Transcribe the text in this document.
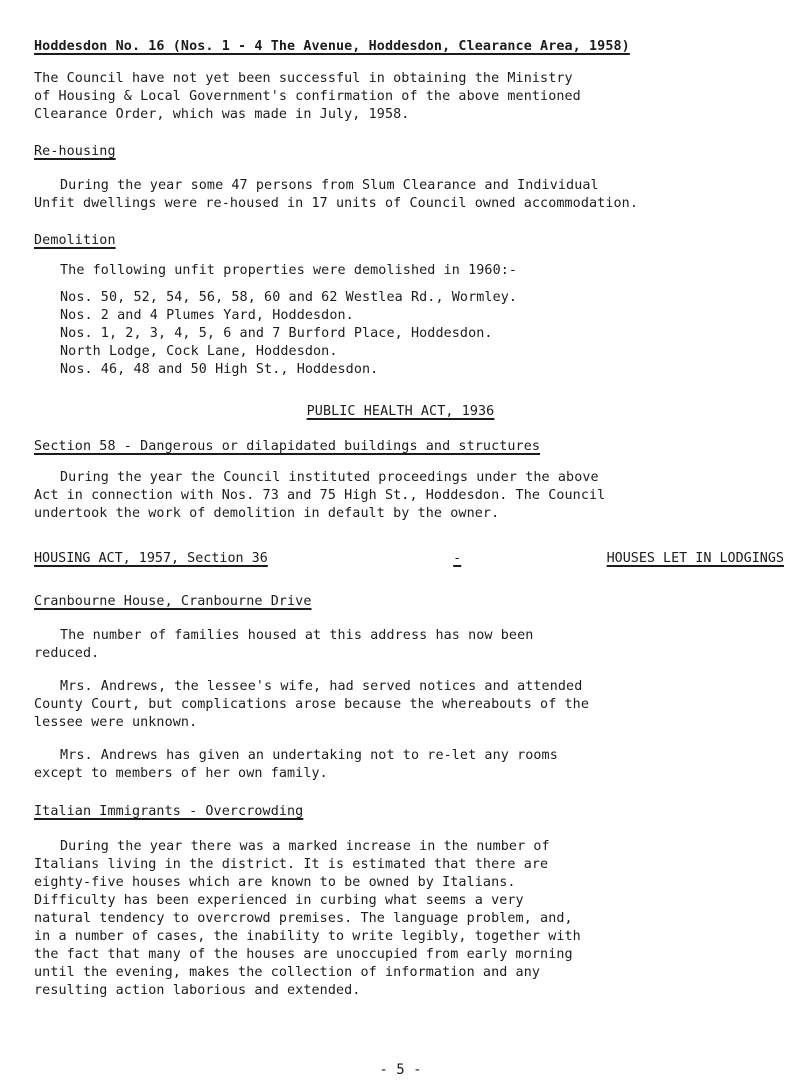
Hoddesdon No. 16 (Nos. 1 - 4 The Avenue, Hoddesdon, Clearance Area, 1958)

The Council have not yet been successful in obtaining the Ministry

of Housing & Local Government's confirmation of the above mentioned

Clearance Order, which was made in July, 1958.

Re-housing

During the year some 47 persons from Slum Clearance and Individual

Unfit dwellings were re-housed in 17 units of Council owned accommodation.

Demolition

The following unfit properties were demolished in 1960:-

Nos. 50, 52, 54, 56, 58, 60 and 62 Westlea Rd., Wormley.

Nos. 2 and 4 Plumes Yard, Hoddesdon.

Nos. 1, 2, 3, 4, 5, 6 and 7 Burford Place, Hoddesdon.

North Lodge, Cock Lane, Hoddesdon.

Nos. 46, 48 and 50 High St., Hoddesdon.

PUBLIC HEALTH ACT, 1936

Section 58 - Dangerous or dilapidated buildings and structures

During the year the Council instituted proceedings under the above

Act in connection with Nos. 73 and 75 High St., Hoddesdon. The Council

undertook the work of demolition in default by the owner.

HOUSING ACT, 1957, Section 36	-	HOUSES LET IN LODGINGS

Cranbourne House, Cranbourne Drive

The number of families housed at this address has now been

reduced.

Mrs. Andrews, the lessee's wife, had served notices and attended

County Court, but complications arose because the whereabouts of the

lessee were unknown.

Mrs. Andrews has given an undertaking not to re-let any rooms

except to members of her own family.

Italian Immigrants - Overcrowding

During the year there was a marked increase in the number of

Italians living in the district. It is estimated that there are

eighty-five houses which are known to be owned by Italians.

Difficulty has been experienced in curbing what seems a very

natural tendency to overcrowd premises. The language problem, and,

in a number of cases, the inability to write legibly, together with

the fact that many of the houses are unoccupied from early morning

until the evening, makes the collection of information and any

resulting action laborious and extended.

- 5 -
